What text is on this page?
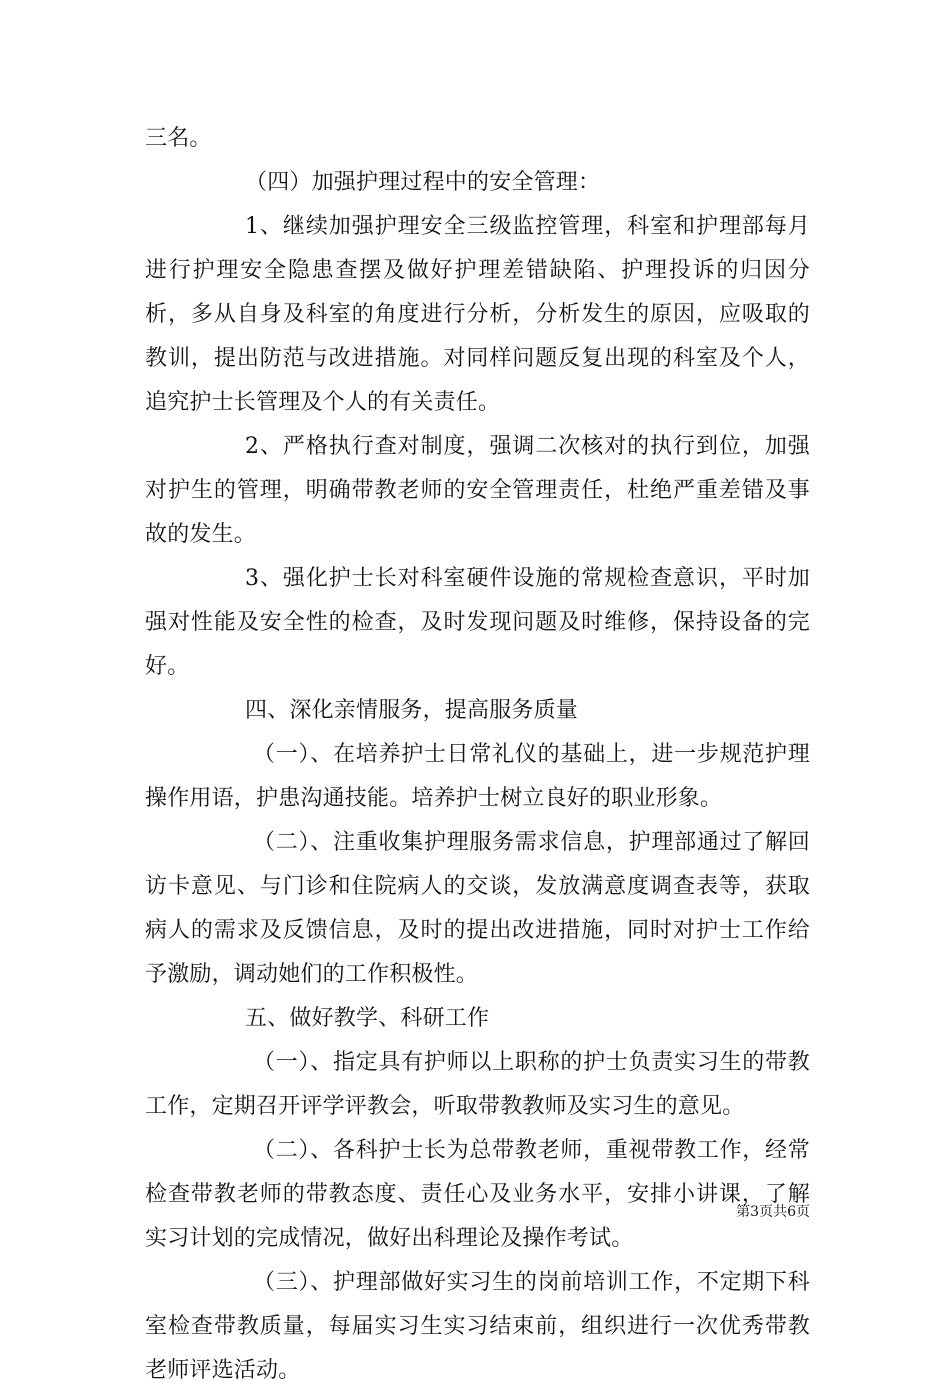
三名。

（四）加强护理过程中的安全管理：

1、继续加强护理安全三级监控管理，科室和护理部每月进行护理安全隐患查摆及做好护理差错缺陷、护理投诉的归因分析，多从自身及科室的角度进行分析，分析发生的原因，应吸取的教训，提出防范与改进措施。对同样问题反复出现的科室及个人，追究护士长管理及个人的有关责任。

2、严格执行查对制度，强调二次核对的执行到位，加强对护生的管理，明确带教老师的安全管理责任，杜绝严重差错及事故的发生。

3、强化护士长对科室硬件设施的常规检查意识，平时加强对性能及安全性的检查，及时发现问题及时维修，保持设备的完好。

四、深化亲情服务，提高服务质量

（一）、在培养护士日常礼仪的基础上，进一步规范护理操作用语，护患沟通技能。培养护士树立良好的职业形象。

（二）、注重收集护理服务需求信息，护理部通过了解回访卡意见、与门诊和住院病人的交谈，发放满意度调查表等，获取病人的需求及反馈信息，及时的提出改进措施，同时对护士工作给予激励，调动她们的工作积极性。

五、做好教学、科研工作

（一）、指定具有护师以上职称的护士负责实习生的带教工作，定期召开评学评教会，听取带教教师及实习生的意见。

（二）、各科护士长为总带教老师，重视带教工作，经常检查带教老师的带教态度、责任心及业务水平，安排小讲课，了解实习计划的完成情况，做好出科理论及操作考试。

（三）、护理部做好实习生的岗前培训工作，不定期下科室检查带教质量，每届实习生实习结束前，组织进行一次优秀带教老师评选活动。

第3页共6页
